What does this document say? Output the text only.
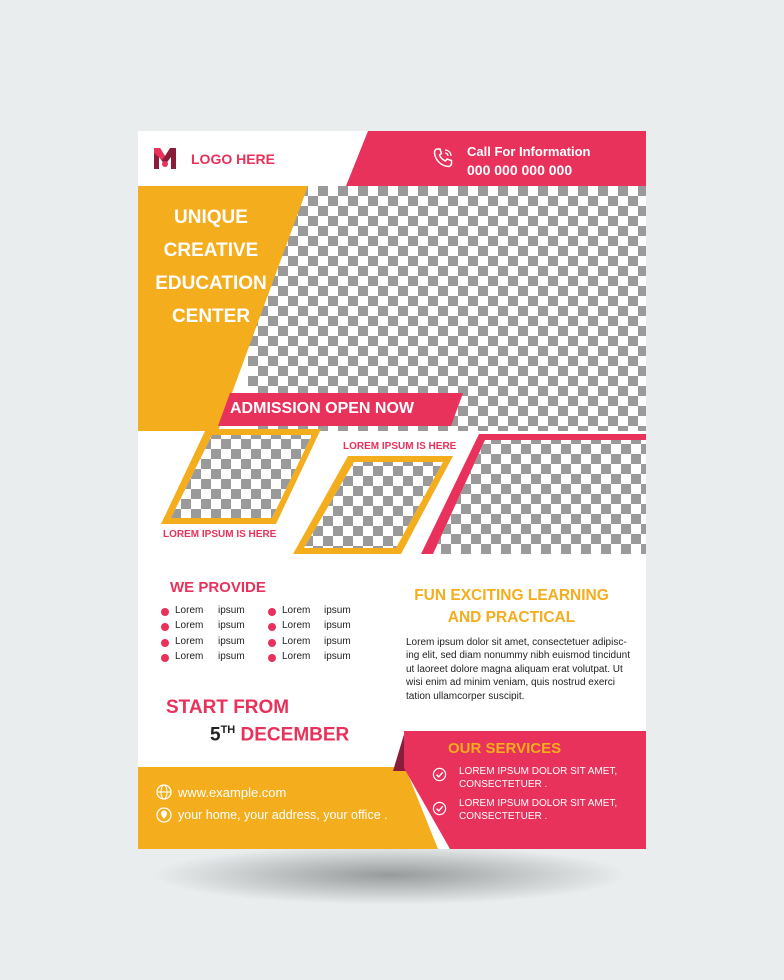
LOGO HERE	Call For Information
000 000 000 000
UNIQUE
CREATIVE
EDUCATION
CENTER
ADMISSION OPEN NOW
LOREM IPSUM IS HERE
LOREM IPSUM IS HERE
WE PROVIDE
Lorem ipsum	Lorem ipsum
Lorem ipsum	Lorem ipsum
Lorem ipsum	Lorem ipsum
Lorem ipsum	Lorem ipsum
START FROM
5TH DECEMBER
FUN EXCITING LEARNING
AND PRACTICAL
Lorem ipsum dolor sit amet, consectetuer adipisc-
ing elit, sed diam nonummy nibh euismod tincidunt
ut laoreet dolore magna aliquam erat volutpat. Ut
wisi enim ad minim veniam, quis nostrud exerci
tation ullamcorper suscipit.
www.example.com
your home, your address, your office .
OUR SERVICES
LOREM IPSUM DOLOR SIT AMET,
CONSECTETUER .
LOREM IPSUM DOLOR SIT AMET,
CONSECTETUER .
